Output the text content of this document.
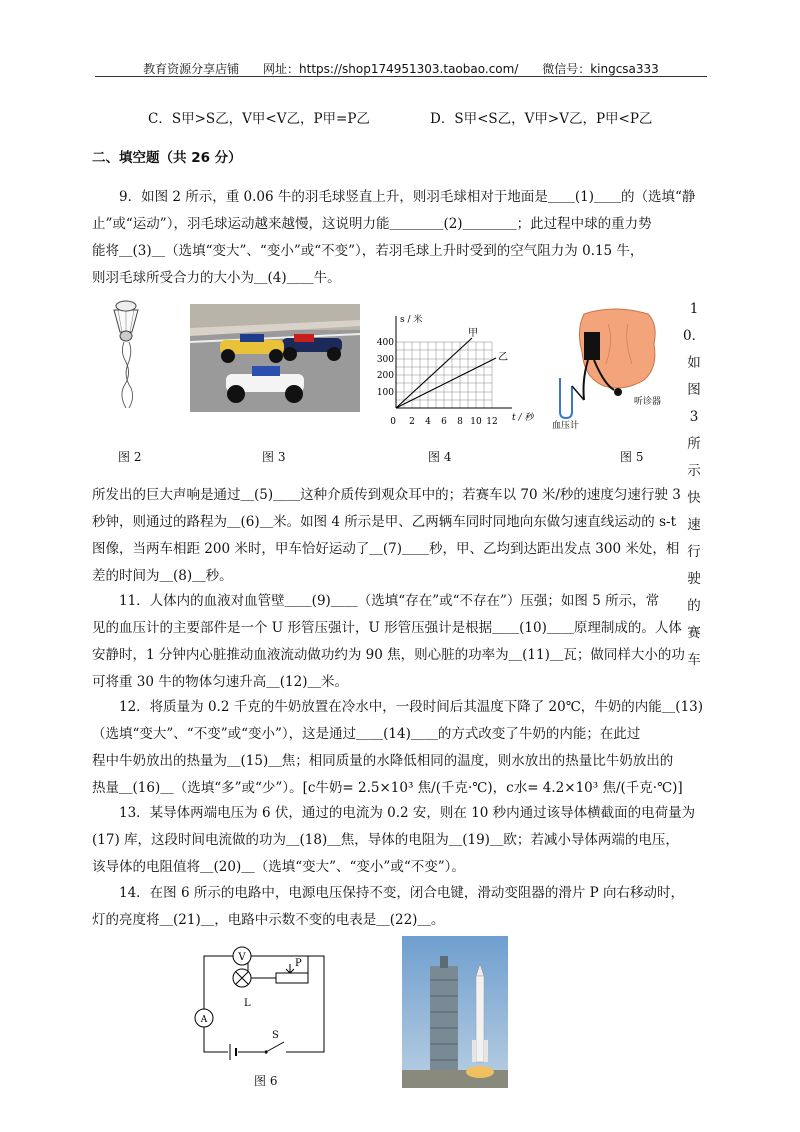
教育资源分享店铺 网址：https://shop174951303.taobao.com/ 微信号：kingcsa333
C．S甲>S乙，V甲<V乙，P甲=P乙	D．S甲<S乙，V甲>V乙，P甲<P乙
二、填空题（共 26 分）
9．如图 2 所示，重 0.06 牛的羽毛球竖直上升，则羽毛球相对于地面是＿＿(1)＿＿的（选填“静
止”或“运动”），羽毛球运动越来越慢，这说明力能＿＿＿＿(2)＿＿＿＿；此过程中球的重力势
能将＿(3)＿（选填“变大”、“变小”或“不变”），若羽毛球上升时受到的空气阻力为 0.15 牛，
则羽毛球所受合力的大小为＿(4)＿＿牛。
图 2	图 3
s / 米
t / 秒
甲
乙
400
300
200
100
0 2 4 6 8 10 12
图 4
听诊器
血压计
图 5
1
0．如
图 3 所
示 快
速 行
驶 的
赛 车
所发出的巨大声响是通过＿(5)＿＿这种介质传到观众耳中的；若赛车以 70 米/秒的速度匀速行驶 3
秒钟，则通过的路程为＿(6)＿米。如图 4 所示是甲、乙两辆车同时同地向东做匀速直线运动的 s-t
图像，当两车相距 200 米时，甲车恰好运动了＿(7)＿＿秒，甲、乙均到达距出发点 300 米处，相
差的时间为＿(8)＿秒。
11．人体内的血液对血管壁＿＿(9)＿＿（选填“存在”或“不存在”）压强；如图 5 所示，常
见的血压计的主要部件是一个 U 形管压强计，U 形管压强计是根据＿＿(10)＿＿原理制成的。人体
安静时，1 分钟内心脏推动血液流动做功约为 90 焦，则心脏的功率为＿(11)＿瓦；做同样大小的功
可将重 30 牛的物体匀速升高＿(12)＿米。
12．将质量为 0.2 千克的牛奶放置在冷水中，一段时间后其温度下降了 20℃，牛奶的内能＿(13)
（选填“变大”、“不变”或“变小”），这是通过＿＿(14)＿＿的方式改变了牛奶的内能；在此过
程中牛奶放出的热量为＿(15)＿焦；相同质量的水降低相同的温度，则水放出的热量比牛奶放出的
热量＿(16)＿（选填“多”或“少”）。[c牛奶= 2.5×10³ 焦/(千克·℃)，c水= 4.2×10³ 焦/(千克·℃)]
13．某导体两端电压为 6 伏，通过的电流为 0.2 安，则在 10 秒内通过该导体横截面的电荷量为
(17) 库，这段时间电流做的功为＿(18)＿焦，导体的电阻为＿(19)＿欧；若减小导体两端的电压，
该导体的电阻值将＿(20)＿（选填“变大”、“变小”或“不变”）。
14．在图 6 所示的电路中，电源电压保持不变，闭合电键，滑动变阻器的滑片 P 向右移动时，
灯的亮度将＿(21)＿，电路中示数不变的电表是＿(22)＿。
V
L
P
A
S
图 6
